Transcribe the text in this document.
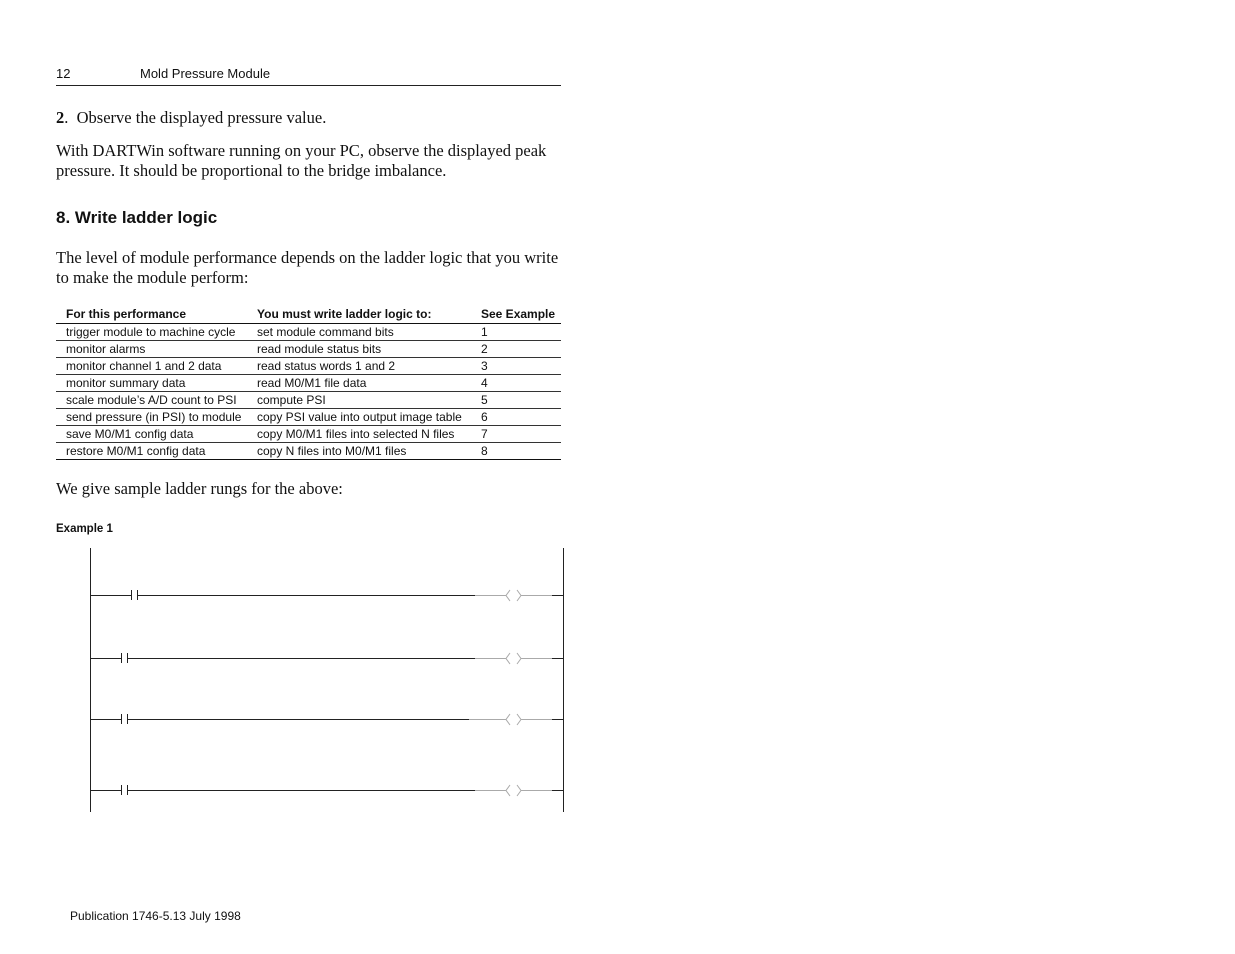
12	Mold Pressure Module
2.  Observe the displayed pressure value.
With DARTWin software running on your PC, observe the displayed peak pressure. It should be proportional to the bridge imbalance.
8. Write ladder logic
The level of module performance depends on the ladder logic that you write to make the module perform:
For this performance	You must write ladder logic to:	See Example
trigger module to machine cycle	set module command bits	1
monitor alarms	read module status bits	2
monitor channel 1 and 2 data	read status words 1 and 2	3
monitor summary data	read M0/M1 file data	4
scale module’s A/D count to PSI	compute PSI	5
send pressure (in PSI) to module	copy PSI value into output image table	6
save M0/M1 config data	copy M0/M1 files into selected N files	7
restore M0/M1 config data	copy N files into M0/M1 files	8
We give sample ladder rungs for the above:
Example 1
Publication 1746-5.13 July 1998
